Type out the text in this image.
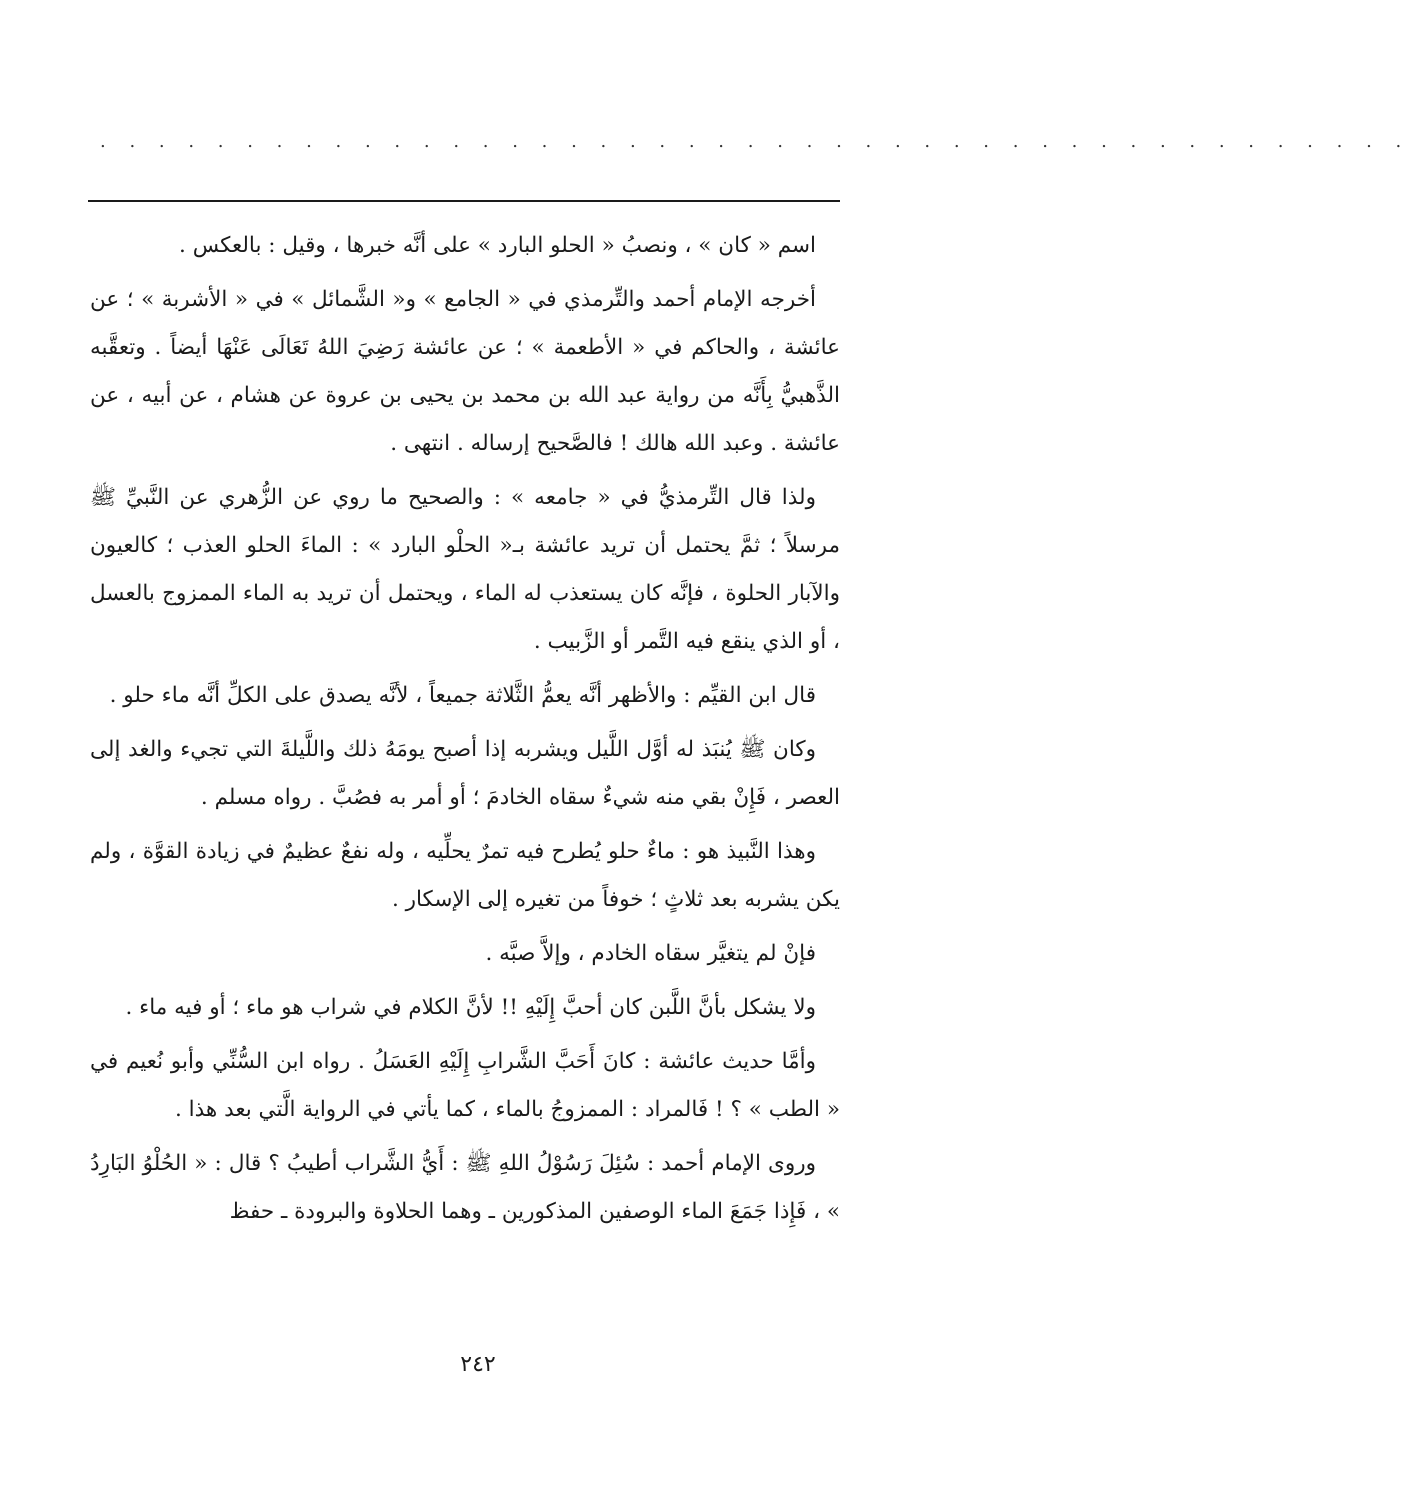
. . . . . . . . . . . . . . . . . . . . . . . . . . . . . . . . . . . . . . . . . . . . .

اسم « كان » ، ونصبُ « الحلو البارد » على أنَّه خبرها ، وقيل : بالعكس .

أخرجه الإمام أحمد والتِّرمذي في « الجامع » و« الشَّمائل » في « الأشربة » ؛ عن عائشة ، والحاكم في « الأطعمة » ؛ عن عائشة رَضِيَ اللهُ تَعَالَى عَنْهَا أيضاً . وتعقَّبه الذَّهبيُّ بِأَنَّه من رواية عبد الله بن محمد بن يحيى بن عروة عن هشام ، عن أبيه ، عن عائشة . وعبد الله هالك ! فالصَّحيح إرساله . انتهى .

ولذا قال التِّرمذيُّ في « جامعه » : والصحيح ما روي عن الزُّهري عن النَّبيِّ ﷺ مرسلاً ؛ ثمَّ يحتمل أن تريد عائشة بـ« الحلْو البارد » : الماءَ الحلو العذب ؛ كالعيون والآبار الحلوة ، فإنَّه كان يستعذب له الماء ، ويحتمل أن تريد به الماء الممزوج بالعسل ، أو الذي ينقع فيه التَّمر أو الزَّبيب .

قال ابن القيِّم : والأظهر أنَّه يعمُّ الثَّلاثة جميعاً ، لأنَّه يصدق على الكلِّ أنَّه ماء حلو .

وكان ﷺ يُنبَذ له أوَّل اللَّيل ويشربه إذا أصبح يومَهُ ذلك واللَّيلةَ التي تجيء والغد إلى العصر ، فَإِنْ بقي منه شيءٌ سقاه الخادمَ ؛ أو أمر به فصُبَّ . رواه مسلم .

وهذا النَّبيذ هو : ماءٌ حلو يُطرح فيه تمرٌ يحلِّيه ، وله نفعٌ عظيمٌ في زيادة القوَّة ، ولم يكن يشربه بعد ثلاثٍ ؛ خوفاً من تغيره إلى الإسكار .

فإنْ لم يتغيَّر سقاه الخادم ، وإلاَّ صبَّه .

ولا يشكل بأنَّ اللَّبن كان أحبَّ إِلَيْهِ !! لأنَّ الكلام في شراب هو ماء ؛ أو فيه ماء .

وأمَّا حديث عائشة : كانَ أَحَبَّ الشَّرابِ إِلَيْهِ العَسَلُ . رواه ابن السُّنِّي وأبو نُعيم في « الطب » ؟ ! فَالمراد : الممزوجُ بالماء ، كما يأتي في الرواية الَّتي بعد هذا .

وروى الإمام أحمد : سُئِلَ رَسُوْلُ اللهِ ﷺ : أَيُّ الشَّراب أطيبُ ؟ قال : « الحُلْوُ البَارِدُ » ، فَإِذا جَمَعَ الماء الوصفين المذكورين ـ وهما الحلاوة والبرودة ـ حفظ

٢٤٢
